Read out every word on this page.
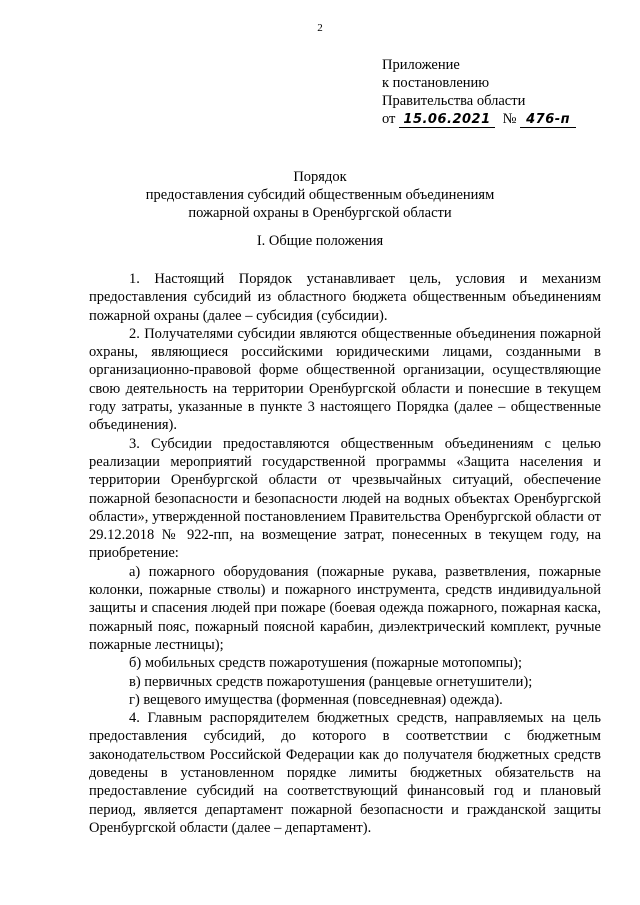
2
Приложение
к постановлению
Правительства области
от 15.06.2021 № 476-п
Порядок
предоставления субсидий общественным объединениям
пожарной охраны в Оренбургской области
I. Общие положения

1. Настоящий Порядок устанавливает цель, условия и механизм предоставления субсидий из областного бюджета общественным объединениям пожарной охраны (далее – субсидия (субсидии).

2. Получателями субсидии являются общественные объединения пожарной охраны, являющиеся российскими юридическими лицами, созданными в организационно-правовой форме общественной организации, осуществляющие свою деятельность на территории Оренбургской области и понесшие в текущем году затраты, указанные в пункте 3 настоящего Порядка (далее – общественные объединения).

3. Субсидии предоставляются общественным объединениям с целью реализации мероприятий государственной программы «Защита населения и территории Оренбургской области от чрезвычайных ситуаций, обеспечение пожарной безопасности и безопасности людей на водных объектах Оренбургской области», утвержденной постановлением Правительства Оренбургской области от 29.12.2018 № 922-пп, на возмещение затрат, понесенных в текущем году, на приобретение:

а) пожарного оборудования (пожарные рукава, разветвления, пожарные колонки, пожарные стволы) и пожарного инструмента, средств индивидуальной защиты и спасения людей при пожаре (боевая одежда пожарного, пожарная каска, пожарный пояс, пожарный поясной карабин, диэлектрический комплект, ручные пожарные лестницы);

б) мобильных средств пожаротушения (пожарные мотопомпы);

в) первичных средств пожаротушения (ранцевые огнетушители);

г) вещевого имущества (форменная (повседневная) одежда).

4. Главным распорядителем бюджетных средств, направляемых на цель предоставления субсидий, до которого в соответствии с бюджетным законодательством Российской Федерации как до получателя бюджетных средств доведены в установленном порядке лимиты бюджетных обязательств на предоставление субсидий на соответствующий финансовый год и плановый период, является департамент пожарной безопасности и гражданской защиты Оренбургской области (далее – департамент).
